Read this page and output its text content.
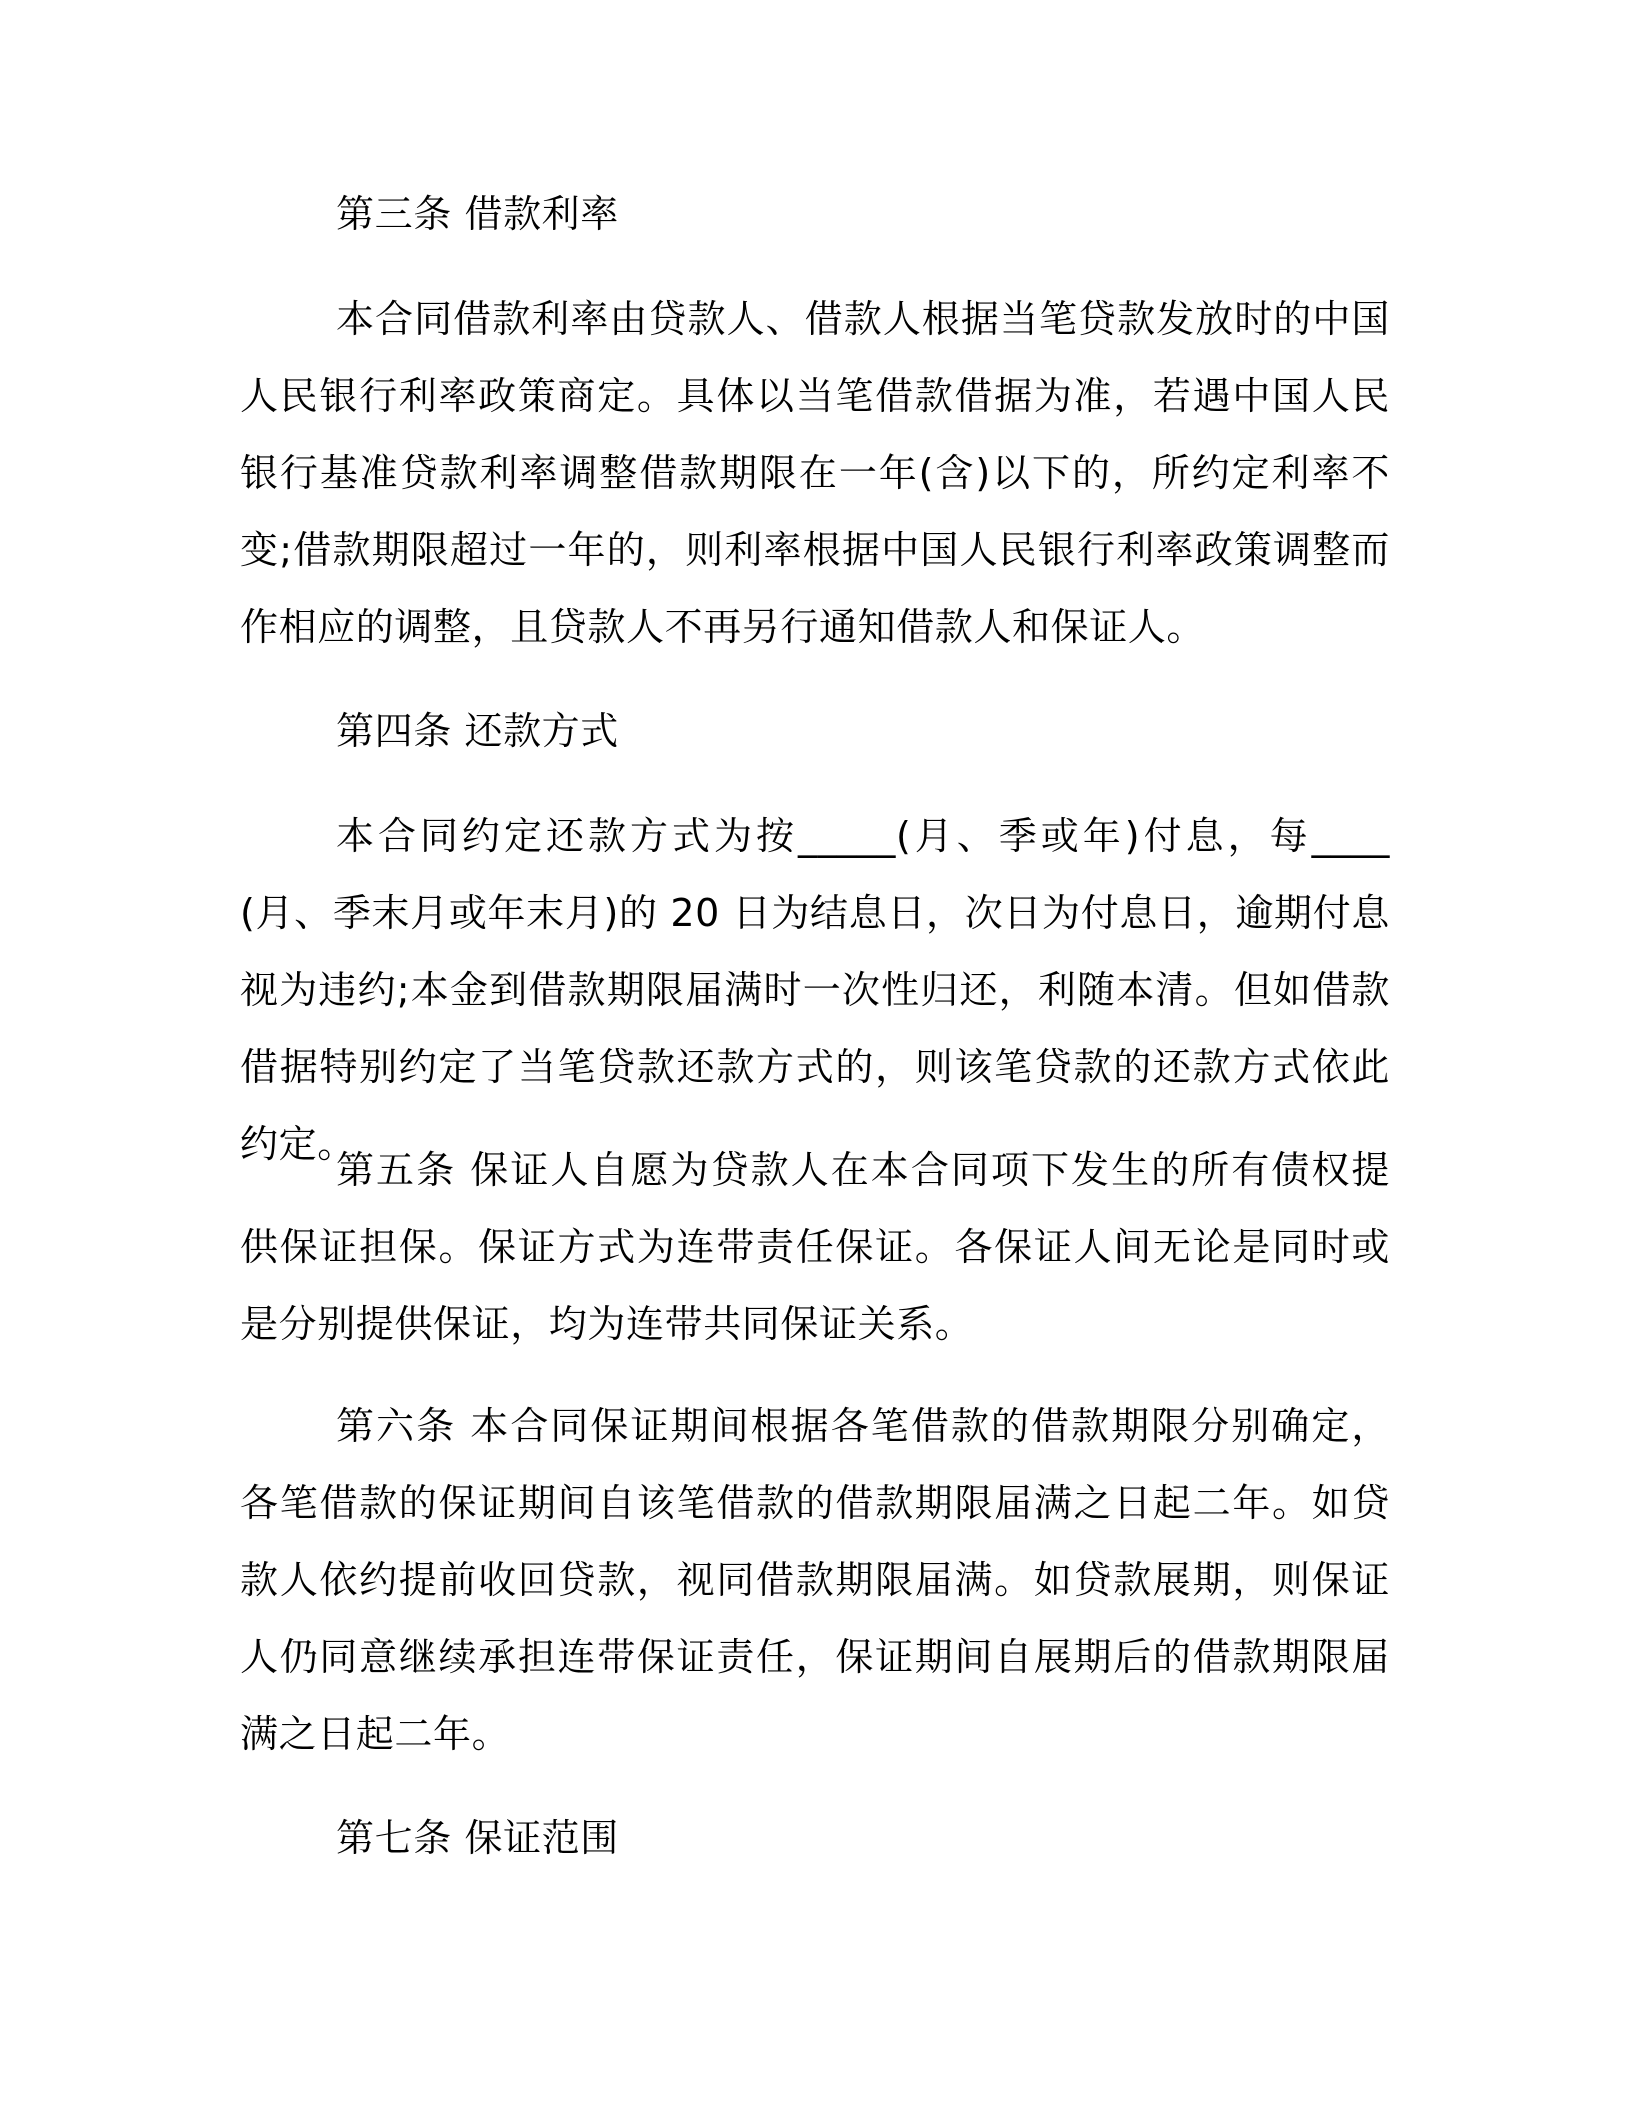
第三条 借款利率

本合同借款利率由贷款人、借款人根据当笔贷款发放时的中国人民银行利率政策商定。具体以当笔借款借据为准，若遇中国人民银行基准贷款利率调整借款期限在一年(含)以下的，所约定利率不变;借款期限超过一年的，则利率根据中国人民银行利率政策调整而作相应的调整，且贷款人不再另行通知借款人和保证人。

第四条 还款方式

本合同约定还款方式为按_____(月、季或年)付息，每____(月、季末月或年末月)的 20 日为结息日，次日为付息日，逾期付息视为违约;本金到借款期限届满时一次性归还，利随本清。但如借款借据特别约定了当笔贷款还款方式的，则该笔贷款的还款方式依此约定。

第五条 保证人自愿为贷款人在本合同项下发生的所有债权提供保证担保。保证方式为连带责任保证。各保证人间无论是同时或是分别提供保证，均为连带共同保证关系。

第六条 本合同保证期间根据各笔借款的借款期限分别确定，各笔借款的保证期间自该笔借款的借款期限届满之日起二年。如贷款人依约提前收回贷款，视同借款期限届满。如贷款展期，则保证人仍同意继续承担连带保证责任，保证期间自展期后的借款期限届满之日起二年。

第七条 保证范围
